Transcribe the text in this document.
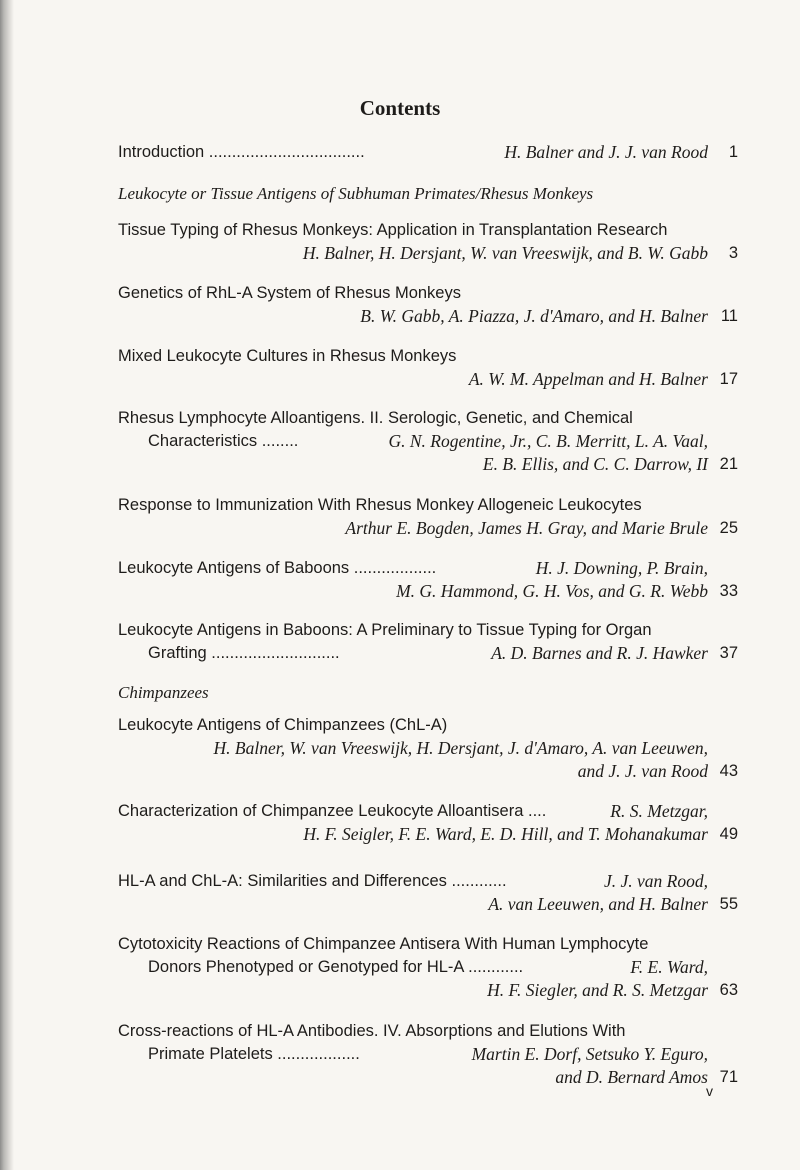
Contents
Leukocyte or Tissue Antigens of Subhuman Primates/Rhesus Monkeys
Chimpanzees
Introduction ..................................	H. Balner and J. J. van Rood	1
Tissue Typing of Rhesus Monkeys: Application in Transplantation Research
H. Balner, H. Dersjant, W. van Vreeswijk, and B. W. Gabb	3
Genetics of RhL-A System of Rhesus Monkeys
B. W. Gabb, A. Piazza, J. d'Amaro, and H. Balner 11
Mixed Leukocyte Cultures in Rhesus Monkeys
A. W. M. Appelman and H. Balner 17
Rhesus Lymphocyte Alloantigens. II. Serologic, Genetic, and Chemical
Characteristics ........	G. N. Rogentine, Jr., C. B. Merritt, L. A. Vaal,
E. B. Ellis, and C. C. Darrow, II 21
Response to Immunization With Rhesus Monkey Allogeneic Leukocytes
Arthur E. Bogden, James H. Gray, and Marie Brule 25
Leukocyte Antigens of Baboons ..................	H. J. Downing, P. Brain,
M. G. Hammond, G. H. Vos, and G. R. Webb 33
Leukocyte Antigens in Baboons: A Preliminary to Tissue Typing for Organ
Grafting ............................	A. D. Barnes and R. J. Hawker 37
Leukocyte Antigens of Chimpanzees (ChL-A)
H. Balner, W. van Vreeswijk, H. Dersjant, J. d'Amaro, A. van Leeuwen,
and J. J. van Rood 43
Characterization of Chimpanzee Leukocyte Alloantisera ....	R. S. Metzgar,
H. F. Seigler, F. E. Ward, E. D. Hill, and T. Mohanakumar 49
HL-A and ChL-A: Similarities and Differences ............	J. J. van Rood,
A. van Leeuwen, and H. Balner 55
Cytotoxicity Reactions of Chimpanzee Antisera With Human Lymphocyte
Donors Phenotyped or Genotyped for HL-A ............	F. E. Ward,
H. F. Siegler, and R. S. Metzgar 63
Cross-reactions of HL-A Antibodies. IV. Absorptions and Elutions With
Primate Platelets ..................	Martin E. Dorf, Setsuko Y. Eguro,
and D. Bernard Amos 71
v
